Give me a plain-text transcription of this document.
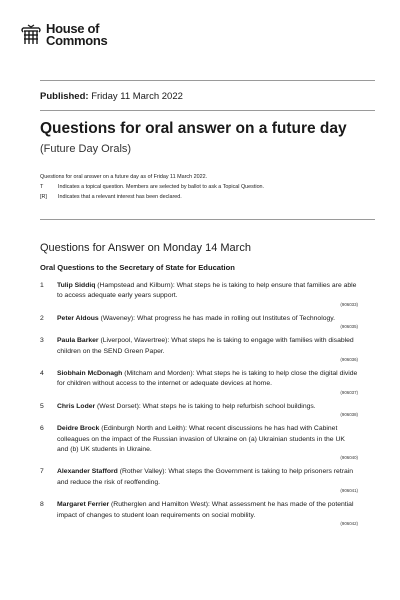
House of
Commons
Published: Friday 11 March 2022
Questions for oral answer on a future day
(Future Day Orals)
Questions for oral answer on a future day as of Friday 11 March 2022.
T	Indicates a topical question. Members are selected by ballot to ask a Topical Question.
[R]	Indicates that a relevant interest has been declared.
Questions for Answer on Monday 14 March
Oral Questions to the Secretary of State for Education
1	Tulip Siddiq (Hampstead and Kilburn): What steps he is taking to help ensure that families are able to access adequate early years support.
(906033)
2	Peter Aldous (Waveney): What progress he has made in rolling out Institutes of Technology.
(906035)
3	Paula Barker (Liverpool, Wavertree): What steps he is taking to engage with families with disabled children on the SEND Green Paper.
(906036)
4	Siobhain McDonagh (Mitcham and Morden): What steps he is taking to help close the digital divide for children without access to the internet or adequate devices at home.
(906037)
5	Chris Loder (West Dorset): What steps he is taking to help refurbish school buildings.
(906038)
6	Deidre Brock (Edinburgh North and Leith): What recent discussions he has had with Cabinet colleagues on the impact of the Russian invasion of Ukraine on (a) Ukrainian students in the UK and (b) UK students in Ukraine.
(906040)
7	Alexander Stafford (Rother Valley): What steps the Government is taking to help prisoners retrain and reduce the risk of reoffending.
(906041)
8	Margaret Ferrier (Rutherglen and Hamilton West): What assessment he has made of the potential impact of changes to student loan requirements on social mobility.
(906042)
